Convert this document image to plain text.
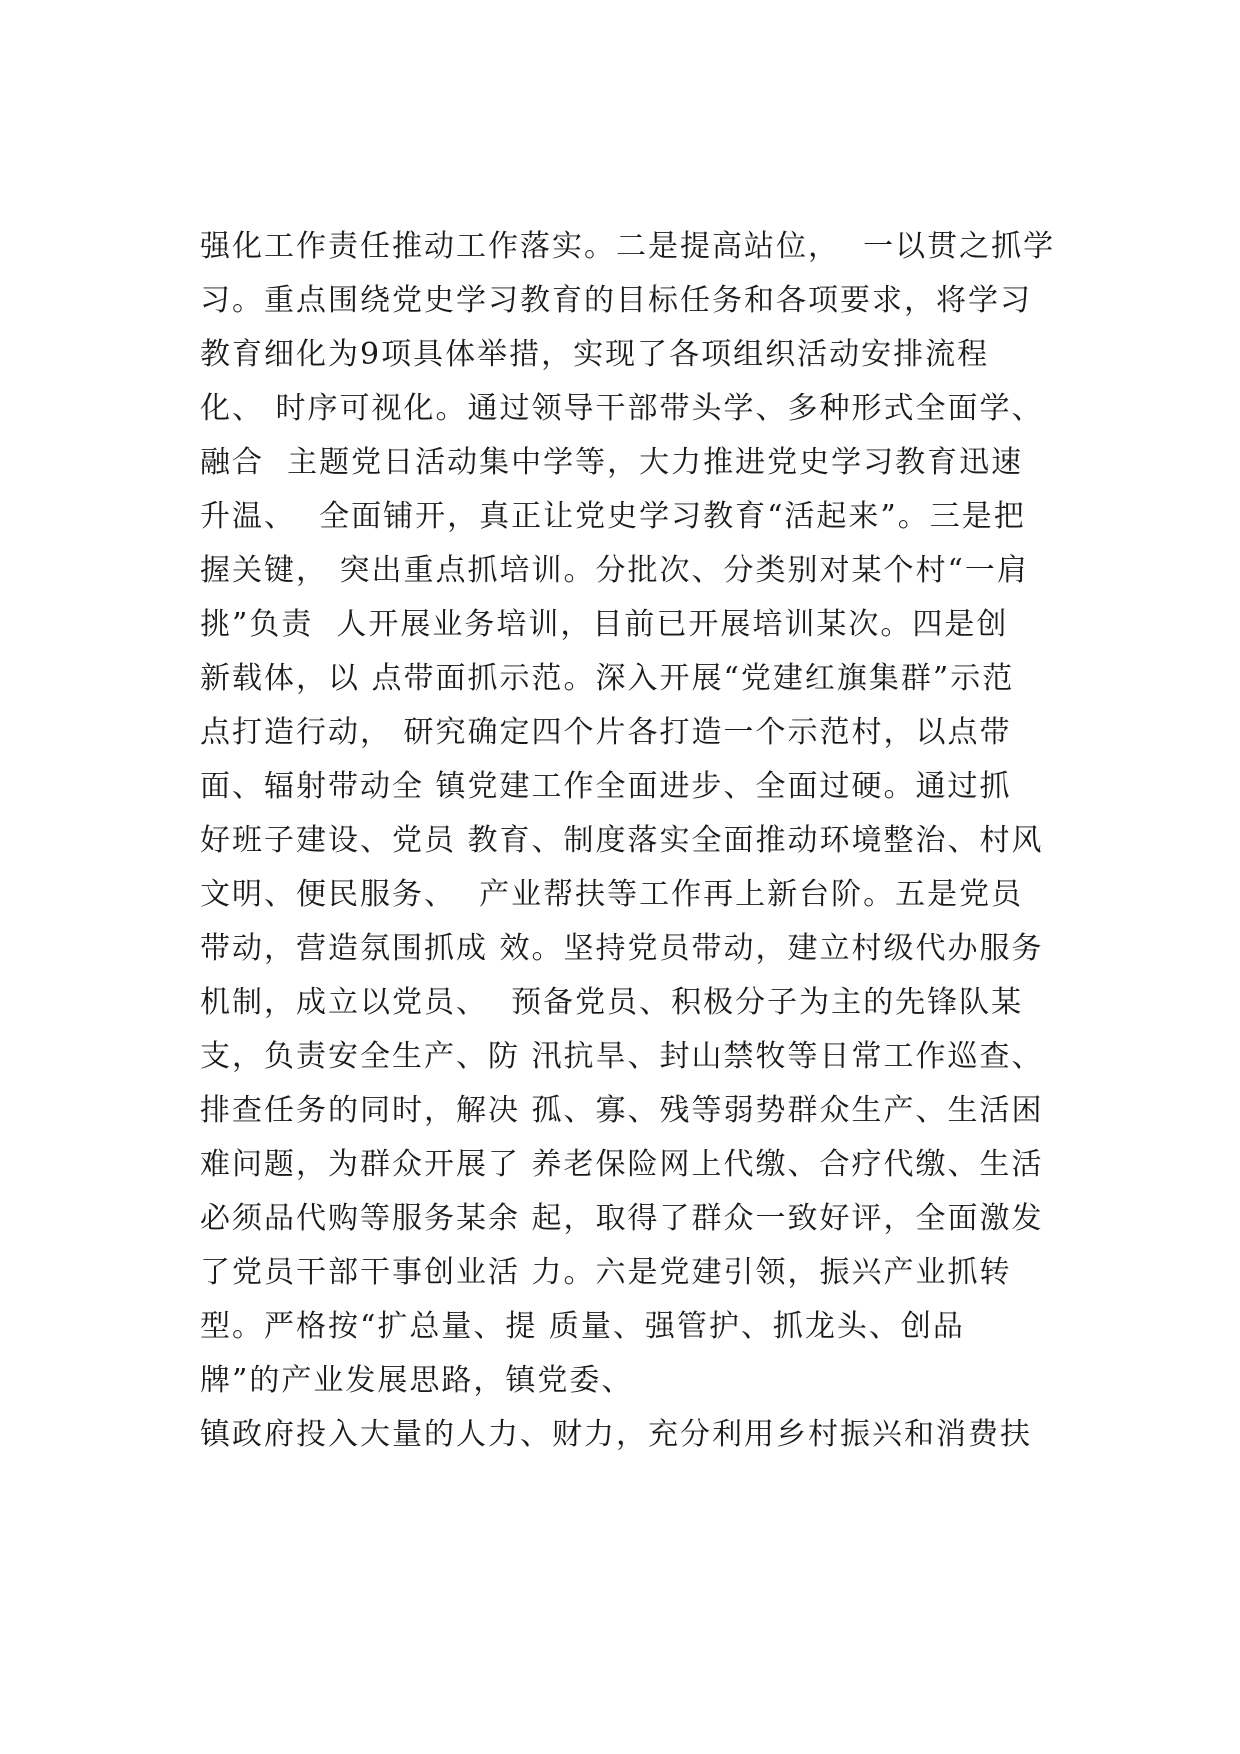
强化工作责任推动工作落实。二是提高站位，  一以贯之抓学
习。重点围绕党史学习教育的目标任务和各项要求，将学习
教育细化为9项具体举措，实现了各项组织活动安排流程
化、 时序可视化。通过领导干部带头学、多种形式全面学、
融合  主题党日活动集中学等，大力推进党史学习教育迅速
升温、  全面铺开，真正让党史学习教育“活起来”。三是把
握关键， 突出重点抓培训。分批次、分类别对某个村“一肩
挑”负责  人开展业务培训，目前已开展培训某次。四是创
新载体，以 点带面抓示范。深入开展“党建红旗集群”示范
点打造行动， 研究确定四个片各打造一个示范村，以点带
面、辐射带动全 镇党建工作全面进步、全面过硬。通过抓
好班子建设、党员 教育、制度落实全面推动环境整治、村风
文明、便民服务、  产业帮扶等工作再上新台阶。五是党员
带动，营造氛围抓成 效。坚持党员带动，建立村级代办服务
机制，成立以党员、  预备党员、积极分子为主的先锋队某
支，负责安全生产、防 汛抗旱、封山禁牧等日常工作巡查、
排查任务的同时，解决 孤、寡、残等弱势群众生产、生活困
难问题，为群众开展了 养老保险网上代缴、合疗代缴、生活
必须品代购等服务某余 起，取得了群众一致好评，全面激发
了党员干部干事创业活 力。六是党建引领，振兴产业抓转
型。严格按“扩总量、提 质量、强管护、抓龙头、创品
牌”的产业发展思路，镇党委、
镇政府投入大量的人力、财力，充分利用乡村振兴和消费扶
